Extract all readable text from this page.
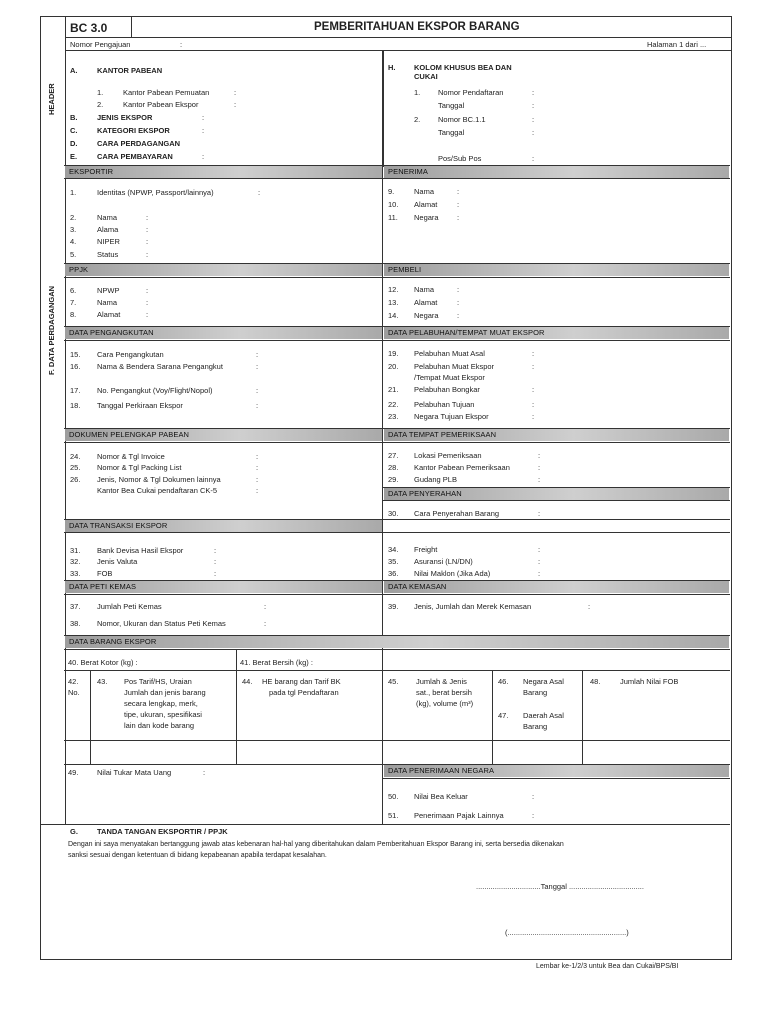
BC 3.0	PEMBERITAHUAN EKSPOR BARANG
HEADER
F. DATA PERDAGANGAN
Nomor Pengajuan	:	Halaman 1 dari ...
A.	KANTOR PABEAN
1.	Kantor Pabean Pemuatan	:
2.	Kantor Pabean Ekspor	:
B.	JENIS EKSPOR	:
C.	KATEGORI EKSPOR	:
D.	CARA PERDAGANGAN
E.	CARA PEMBAYARAN	:
H. KOLOM KHUSUS BEA DAN CUKAI
1. Nomor Pendaftaran	:
Tanggal	:
2. Nomor BC.1.1	:
Tanggal	:
Pos/Sub Pos	:
EKSPORTIR	PENERIMA
1.	Identitas (NPWP, Passport/lainnya)	:
2.	Nama	:
3.	Alama	:
4.	NIPER	:
5.	Status	:
9.	Nama	:
10. Alamat	:
11. Negara :
PPJK	PEMBELI
6.	NPWP	:
7.	Nama	:
8.	Alamat	:
12. Nama	:
13. Alamat	:
14. Negara :
DATA PENGANGKUTAN	DATA PELABUHAN/TEMPAT MUAT EKSPOR
15. Cara Pengangkutan	:
16. Nama & Bendera Sarana Pengangkut	:
17. No. Pengangkut (Voy/Flight/Nopol)	:
18. Tanggal Perkiraan Ekspor	:
19. Pelabuhan Muat Asal	:
20. Pelabuhan Muat Ekspor	:
/Tempat Muat Ekspor
21. Pelabuhan Bongkar	:
22. Pelabuhan Tujuan	:
23. Negara Tujuan Ekspor	:
DOKUMEN PELENGKAP PABEAN	DATA TEMPAT PEMERIKSAAN
24. Nomor & Tgl Invoice	:
25. Nomor & Tgl Packing List	:
26. Jenis, Nomor & Tgl Dokumen lainnya	:
Kantor Bea Cukai pendaftaran CK-5	:
27. Lokasi Pemeriksaan	:
28. Kantor Pabean Pemeriksaan	:
29. Gudang PLB	:
DATA PENYERAHAN
30. Cara Penyerahan Barang	:
DATA TRANSAKSI EKSPOR
31. Bank Devisa Hasil Ekspor	:
32. Jenis Valuta	:
33. FOB	:
34. Freight	:
35. Asuransi (LN/DN)	:
36. Nilai Maklon (Jika Ada)	:
DATA PETI KEMAS	DATA KEMASAN
37. Jumlah Peti Kemas	:
38. Nomor, Ukuran dan Status Peti Kemas	:
39. Jenis, Jumlah dan Merek Kemasan	:
DATA BARANG EKSPOR
40. Berat Kotor (kg) :	41. Berat Bersih (kg) :
42.
No.
43. Pos Tarif/HS, Uraian
Jumlah dan jenis barang
secara lengkap, merk,
tipe, ukuran, spesifikasi
lain dan kode barang
44. HE barang dan Tarif BK
pada tgl Pendaftaran
45. Jumlah & Jenis
sat., berat bersih
(kg), volume (m³)
46. Negara Asal
Barang
47. Daerah Asal
Barang
48.	Jumlah Nilai FOB
49. Nilai Tukar Mata Uang	:	DATA PENERIMAAN NEGARA
50. Nilai Bea Keluar	:
51. Penerimaan Pajak Lainnya	:
G.	TANDA TANGAN EKSPORTIR / PPJK
Dengan ini saya menyatakan bertanggung jawab atas kebenaran hal-hal yang diberitahukan dalam Pemberitahuan Ekspor Barang ini, serta bersedia dikenakan
sanksi sesuai dengan ketentuan di bidang kepabeanan apabila terdapat kesalahan.
...............................Tanggal ....................................
(.........................................................)
Lembar ke-1/2/3 untuk Bea dan Cukai/BPS/BI
